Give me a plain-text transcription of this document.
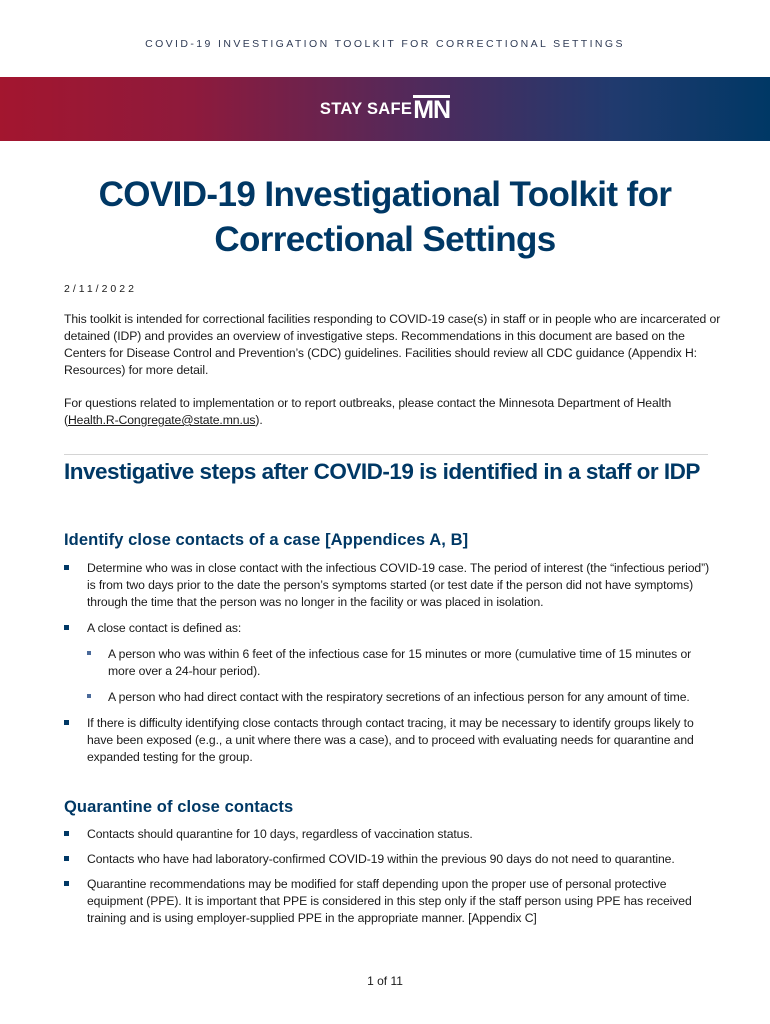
COVID-19 INVESTIGATION TOOLKIT FOR CORRECTIONAL SETTINGS
STAY SAFE MN
COVID-19 Investigational Toolkit for
Correctional Settings
2/11/2022

This toolkit is intended for correctional facilities responding to COVID-19 case(s) in staff or in people who are incarcerated or detained (IDP) and provides an overview of investigative steps. Recommendations in this document are based on the Centers for Disease Control and Prevention’s (CDC) guidelines. Facilities should review all CDC guidance (Appendix H: Resources) for more detail.

For questions related to implementation or to report outbreaks, please contact the Minnesota Department of Health (Health.R-Congregate@state.mn.us).

Investigative steps after COVID-19 is identified in a staff or IDP
Identify close contacts of a case [Appendices A, B]
Determine who was in close contact with the infectious COVID-19 case. The period of interest (the “infectious period”) is from two days prior to the date the person’s symptoms started (or test date if the person did not have symptoms) through the time that the person was no longer in the facility or was placed in isolation.
A close contact is defined as:
A person who was within 6 feet of the infectious case for 15 minutes or more (cumulative time of 15 minutes or more over a 24-hour period).
A person who had direct contact with the respiratory secretions of an infectious person for any amount of time.
If there is difficulty identifying close contacts through contact tracing, it may be necessary to identify groups likely to have been exposed (e.g., a unit where there was a case), and to proceed with evaluating needs for quarantine and expanded testing for the group.
Quarantine of close contacts
Contacts should quarantine for 10 days, regardless of vaccination status.
Contacts who have had laboratory-confirmed COVID-19 within the previous 90 days do not need to quarantine.
Quarantine recommendations may be modified for staff depending upon the proper use of personal protective equipment (PPE). It is important that PPE is considered in this step only if the staff person using PPE has received training and is using employer-supplied PPE in the appropriate manner. [Appendix C]
1 of 11
